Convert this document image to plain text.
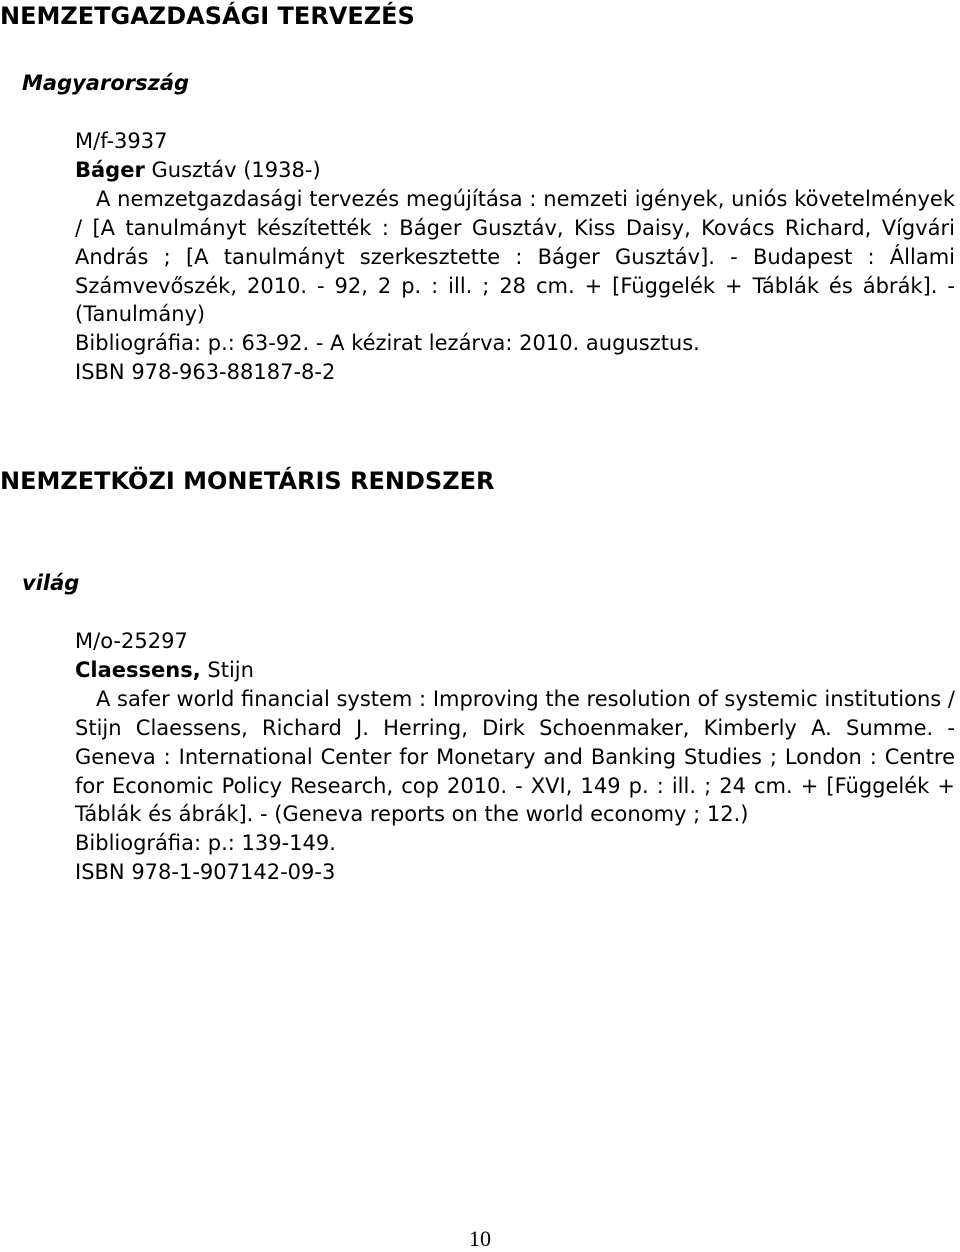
NEMZETGAZDASÁGI TERVEZÉS
Magyarország

M/f-3937

Báger Gusztáv (1938-)

A nemzetgazdasági tervezés megújítása : nemzeti igények, uniós követelmények / [A tanulmányt készítették : Báger Gusztáv, Kiss Daisy, Kovács Richard, Vígvári András ; [A tanulmányt szerkesztette : Báger Gusztáv]. - Budapest : Állami Számvevőszék, 2010. - 92, 2 p. : ill. ; 28 cm. + [Függelék + Táblák és ábrák]. - (Tanulmány)

Bibliográfia: p.: 63-92. - A kézirat lezárva: 2010. augusztus.

ISBN 978-963-88187-8-2

NEMZETKÖZI MONETÁRIS RENDSZER
világ

M/o-25297

Claessens, Stijn

A safer world financial system : Improving the resolution of systemic institutions / Stijn Claessens, Richard J. Herring, Dirk Schoenmaker, Kimberly A. Summe. - Geneva : International Center for Monetary and Banking Studies ; London : Centre for Economic Policy Research, cop 2010. - XVI, 149 p. : ill. ; 24 cm. + [Függelék + Táblák és ábrák]. - (Geneva reports on the world economy ; 12.)

Bibliográfia: p.: 139-149.

ISBN 978-1-907142-09-3

10
